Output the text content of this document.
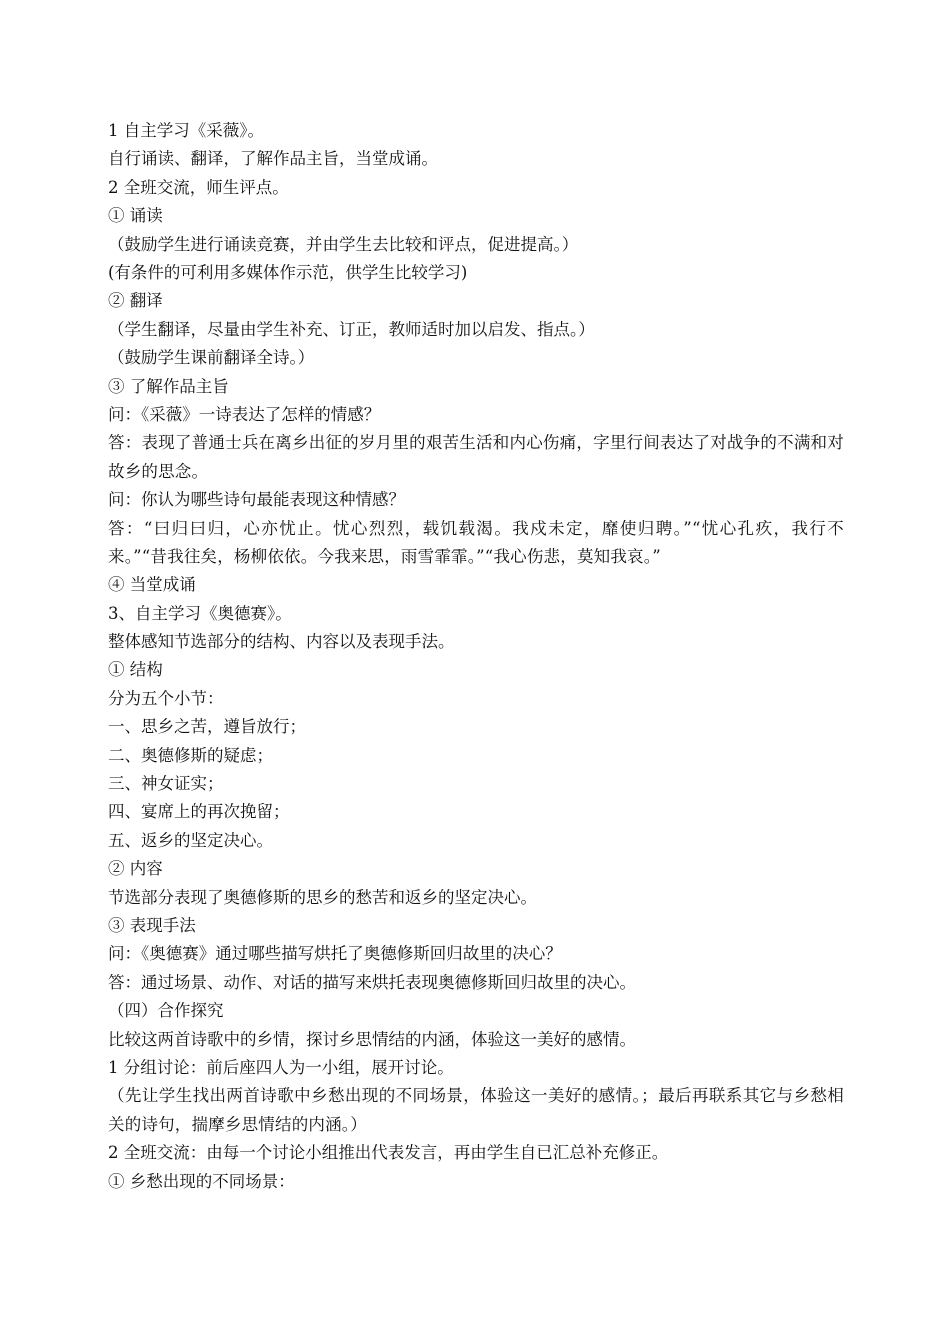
1 自主学习《采薇》。
自行诵读、翻译，了解作品主旨，当堂成诵。
2 全班交流，师生评点。
① 诵读
（鼓励学生进行诵读竞赛，并由学生去比较和评点，促进提高。）
(有条件的可利用多媒体作示范，供学生比较学习)
② 翻译
（学生翻译，尽量由学生补充、订正，教师适时加以启发、指点。）
（鼓励学生课前翻译全诗。）
③ 了解作品主旨
问：《采薇》一诗表达了怎样的情感？
答：表现了普通士兵在离乡出征的岁月里的艰苦生活和内心伤痛，字里行间表达了对战争的不满和对故乡的思念。
问：你认为哪些诗句最能表现这种情感？
答：“曰归曰归，心亦忧止。忧心烈烈，载饥载渴。我戍未定，靡使归聘。”“忧心孔疚，我行不来。”“昔我往矣，杨柳依依。今我来思，雨雪霏霏。”“我心伤悲，莫知我哀。”
④ 当堂成诵
3、自主学习《奥德赛》。
整体感知节选部分的结构、内容以及表现手法。
① 结构
分为五个小节：
一、思乡之苦，遵旨放行；
二、奥德修斯的疑虑；
三、神女证实；
四、宴席上的再次挽留；
五、返乡的坚定决心。
② 内容
节选部分表现了奥德修斯的思乡的愁苦和返乡的坚定决心。
③ 表现手法
问：《奥德赛》通过哪些描写烘托了奥德修斯回归故里的决心？
答：通过场景、动作、对话的描写来烘托表现奥德修斯回归故里的决心。
（四）合作探究
比较这两首诗歌中的乡情，探讨乡思情结的内涵，体验这一美好的感情。
1 分组讨论：前后座四人为一小组，展开讨论。
（先让学生找出两首诗歌中乡愁出现的不同场景，体验这一美好的感情。；最后再联系其它与乡愁相关的诗句，揣摩乡思情结的内涵。）
2 全班交流：由每一个讨论小组推出代表发言，再由学生自已汇总补充修正。
① 乡愁出现的不同场景：
